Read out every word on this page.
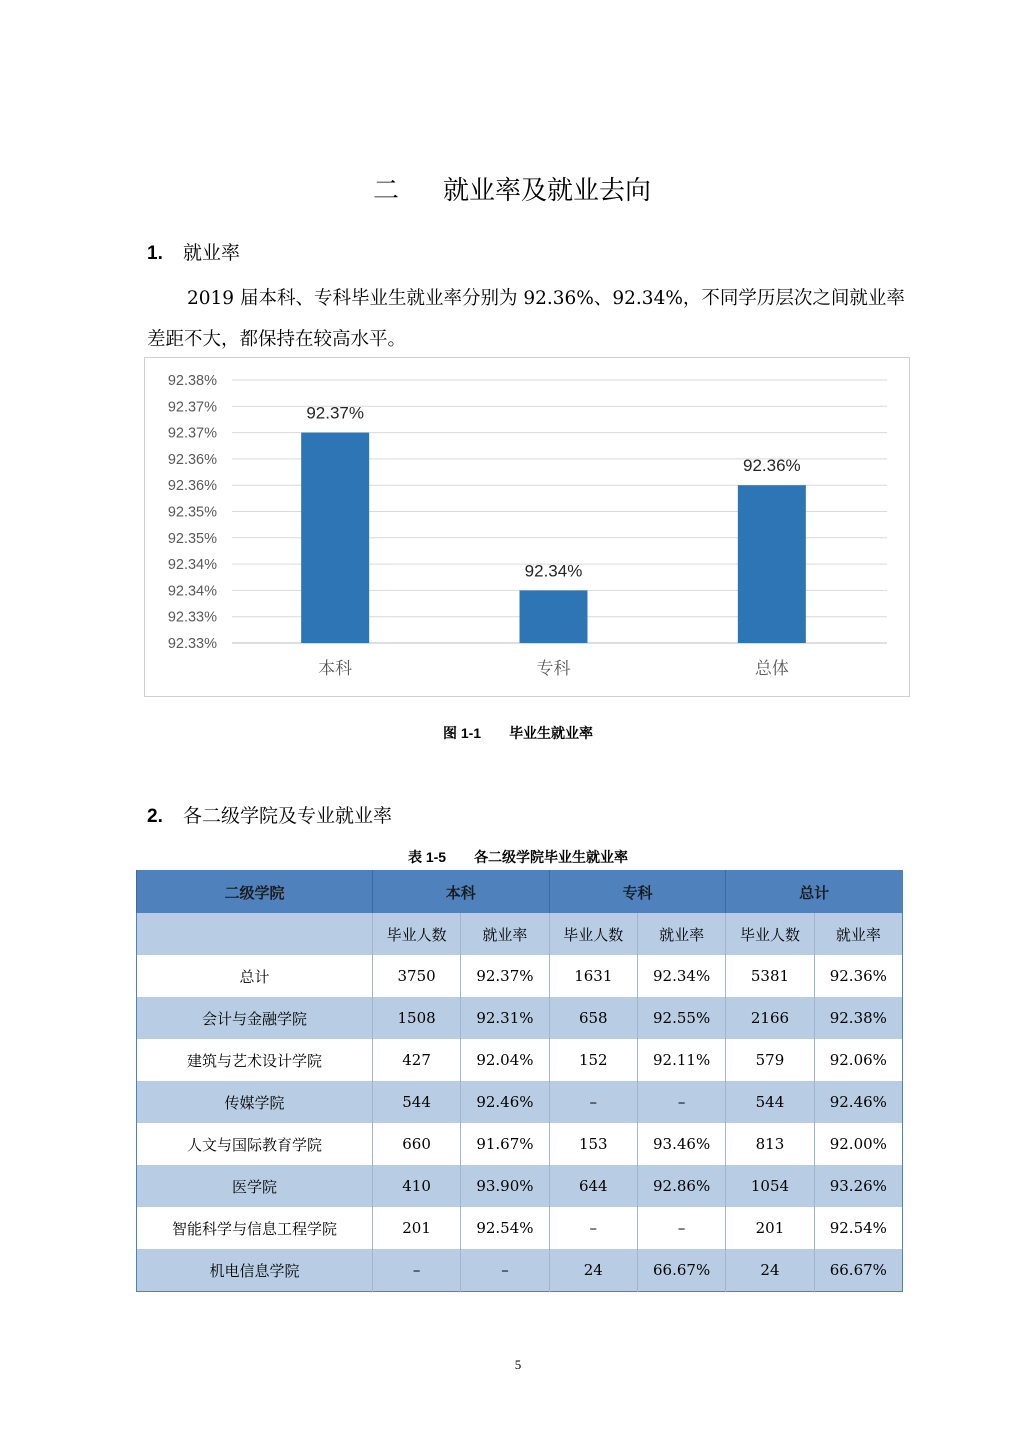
二 就业率及就业去向
1. 就业率
2019 届本科、专科毕业生就业率分别为 92.36%、92.34%，不同学历层次之间就业率差距不大，都保持在较高水平。
92.38%
92.37%
92.37%
92.36%
92.36%
92.35%
92.35%
92.34%
92.34%
92.33%
92.33%
92.37%
本科
92.34%
专科
92.36%
总体
图 1-1 毕业生就业率
2. 各二级学院及专业就业率
表 1-5 各二级学院毕业生就业率
二级学院	本科		专科		总计	
	毕业人数	就业率	毕业人数	就业率	毕业人数	就业率
总计	3750	92.37%	1631	92.34%	5381	92.36%
会计与金融学院	1508	92.31%	658	92.55%	2166	92.38%
建筑与艺术设计学院	427	92.04%	152	92.11%	579	92.06%
传媒学院	544	92.46%	–	–	544	92.46%
人文与国际教育学院	660	91.67%	153	93.46%	813	92.00%
医学院	410	93.90%	644	92.86%	1054	93.26%
智能科学与信息工程学院	201	92.54%	–	–	201	92.54%
机电信息学院	–	–	24	66.67%	24	66.67%
5
